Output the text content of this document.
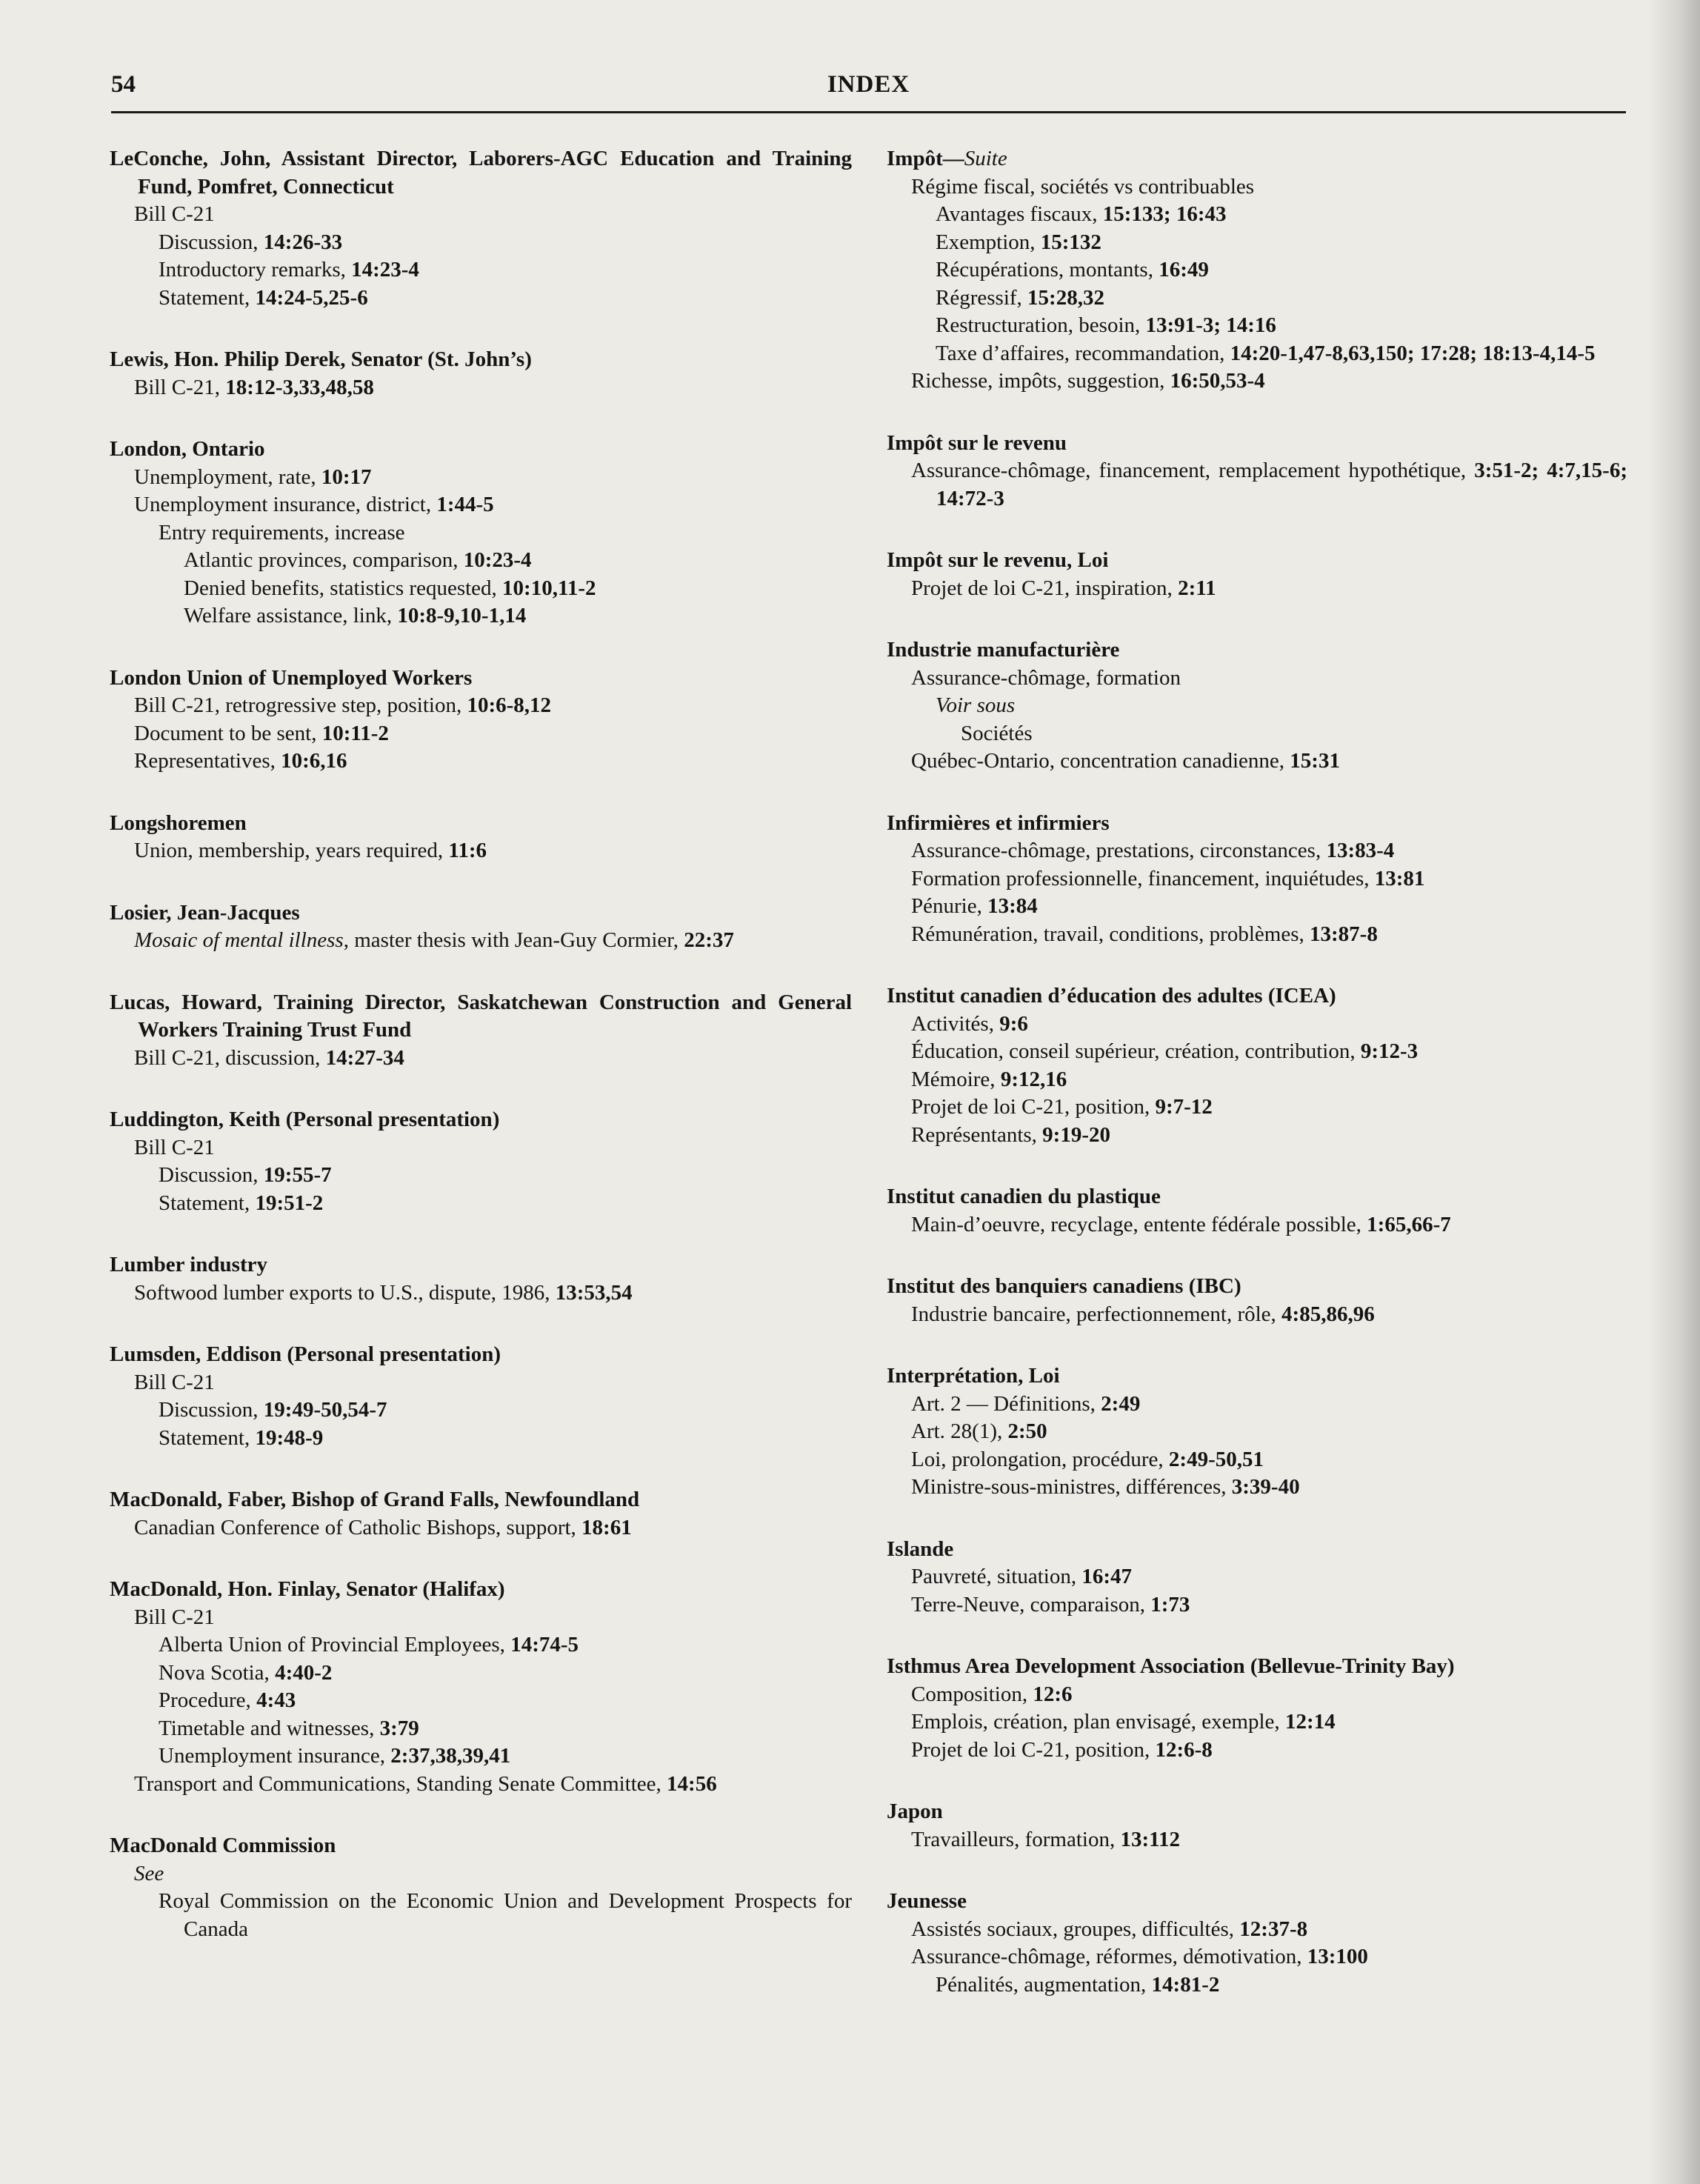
54	INDEX
LeConche, John, Assistant Director, Laborers-AGC Education and Training Fund, Pomfret, Connecticut
Bill C-21
Discussion, 14:26-33
Introductory remarks, 14:23-4
Statement, 14:24-5,25-6
Lewis, Hon. Philip Derek, Senator (St. John’s)
Bill C-21, 18:12-3,33,48,58
London, Ontario
Unemployment, rate, 10:17
Unemployment insurance, district, 1:44-5
Entry requirements, increase
Atlantic provinces, comparison, 10:23-4
Denied benefits, statistics requested, 10:10,11-2
Welfare assistance, link, 10:8-9,10-1,14
London Union of Unemployed Workers
Bill C-21, retrogressive step, position, 10:6-8,12
Document to be sent, 10:11-2
Representatives, 10:6,16
Longshoremen
Union, membership, years required, 11:6
Losier, Jean-Jacques
Mosaic of mental illness, master thesis with Jean-Guy Cormier, 22:37
Lucas, Howard, Training Director, Saskatchewan Construction and General Workers Training Trust Fund
Bill C-21, discussion, 14:27-34
Luddington, Keith (Personal presentation)
Bill C-21
Discussion, 19:55-7
Statement, 19:51-2
Lumber industry
Softwood lumber exports to U.S., dispute, 1986, 13:53,54
Lumsden, Eddison (Personal presentation)
Bill C-21
Discussion, 19:49-50,54-7
Statement, 19:48-9
MacDonald, Faber, Bishop of Grand Falls, Newfoundland
Canadian Conference of Catholic Bishops, support, 18:61
MacDonald, Hon. Finlay, Senator (Halifax)
Bill C-21
Alberta Union of Provincial Employees, 14:74-5
Nova Scotia, 4:40-2
Procedure, 4:43
Timetable and witnesses, 3:79
Unemployment insurance, 2:37,38,39,41
Transport and Communications, Standing Senate Committee, 14:56
MacDonald Commission
See
Royal Commission on the Economic Union and Development Prospects for Canada
Impôt—Suite
Régime fiscal, sociétés vs contribuables
Avantages fiscaux, 15:133; 16:43
Exemption, 15:132
Récupérations, montants, 16:49
Régressif, 15:28,32
Restructuration, besoin, 13:91-3; 14:16
Taxe d’affaires, recommandation, 14:20-1,47-8,63,150; 17:28; 18:13-4,14-5
Richesse, impôts, suggestion, 16:50,53-4
Impôt sur le revenu
Assurance-chômage, financement, remplacement hypothétique, 3:51-2; 4:7,15-6; 14:72-3
Impôt sur le revenu, Loi
Projet de loi C-21, inspiration, 2:11
Industrie manufacturière
Assurance-chômage, formation
Voir sous
Sociétés
Québec-Ontario, concentration canadienne, 15:31
Infirmières et infirmiers
Assurance-chômage, prestations, circonstances, 13:83-4
Formation professionnelle, financement, inquiétudes, 13:81
Pénurie, 13:84
Rémunération, travail, conditions, problèmes, 13:87-8
Institut canadien d’éducation des adultes (ICEA)
Activités, 9:6
Éducation, conseil supérieur, création, contribution, 9:12-3
Mémoire, 9:12,16
Projet de loi C-21, position, 9:7-12
Représentants, 9:19-20
Institut canadien du plastique
Main-d’oeuvre, recyclage, entente fédérale possible, 1:65,66-7
Institut des banquiers canadiens (IBC)
Industrie bancaire, perfectionnement, rôle, 4:85,86,96
Interprétation, Loi
Art. 2 — Définitions, 2:49
Art. 28(1), 2:50
Loi, prolongation, procédure, 2:49-50,51
Ministre-sous-ministres, différences, 3:39-40
Islande
Pauvreté, situation, 16:47
Terre-Neuve, comparaison, 1:73
Isthmus Area Development Association (Bellevue-Trinity Bay)
Composition, 12:6
Emplois, création, plan envisagé, exemple, 12:14
Projet de loi C-21, position, 12:6-8
Japon
Travailleurs, formation, 13:112
Jeunesse
Assistés sociaux, groupes, difficultés, 12:37-8
Assurance-chômage, réformes, démotivation, 13:100
Pénalités, augmentation, 14:81-2
